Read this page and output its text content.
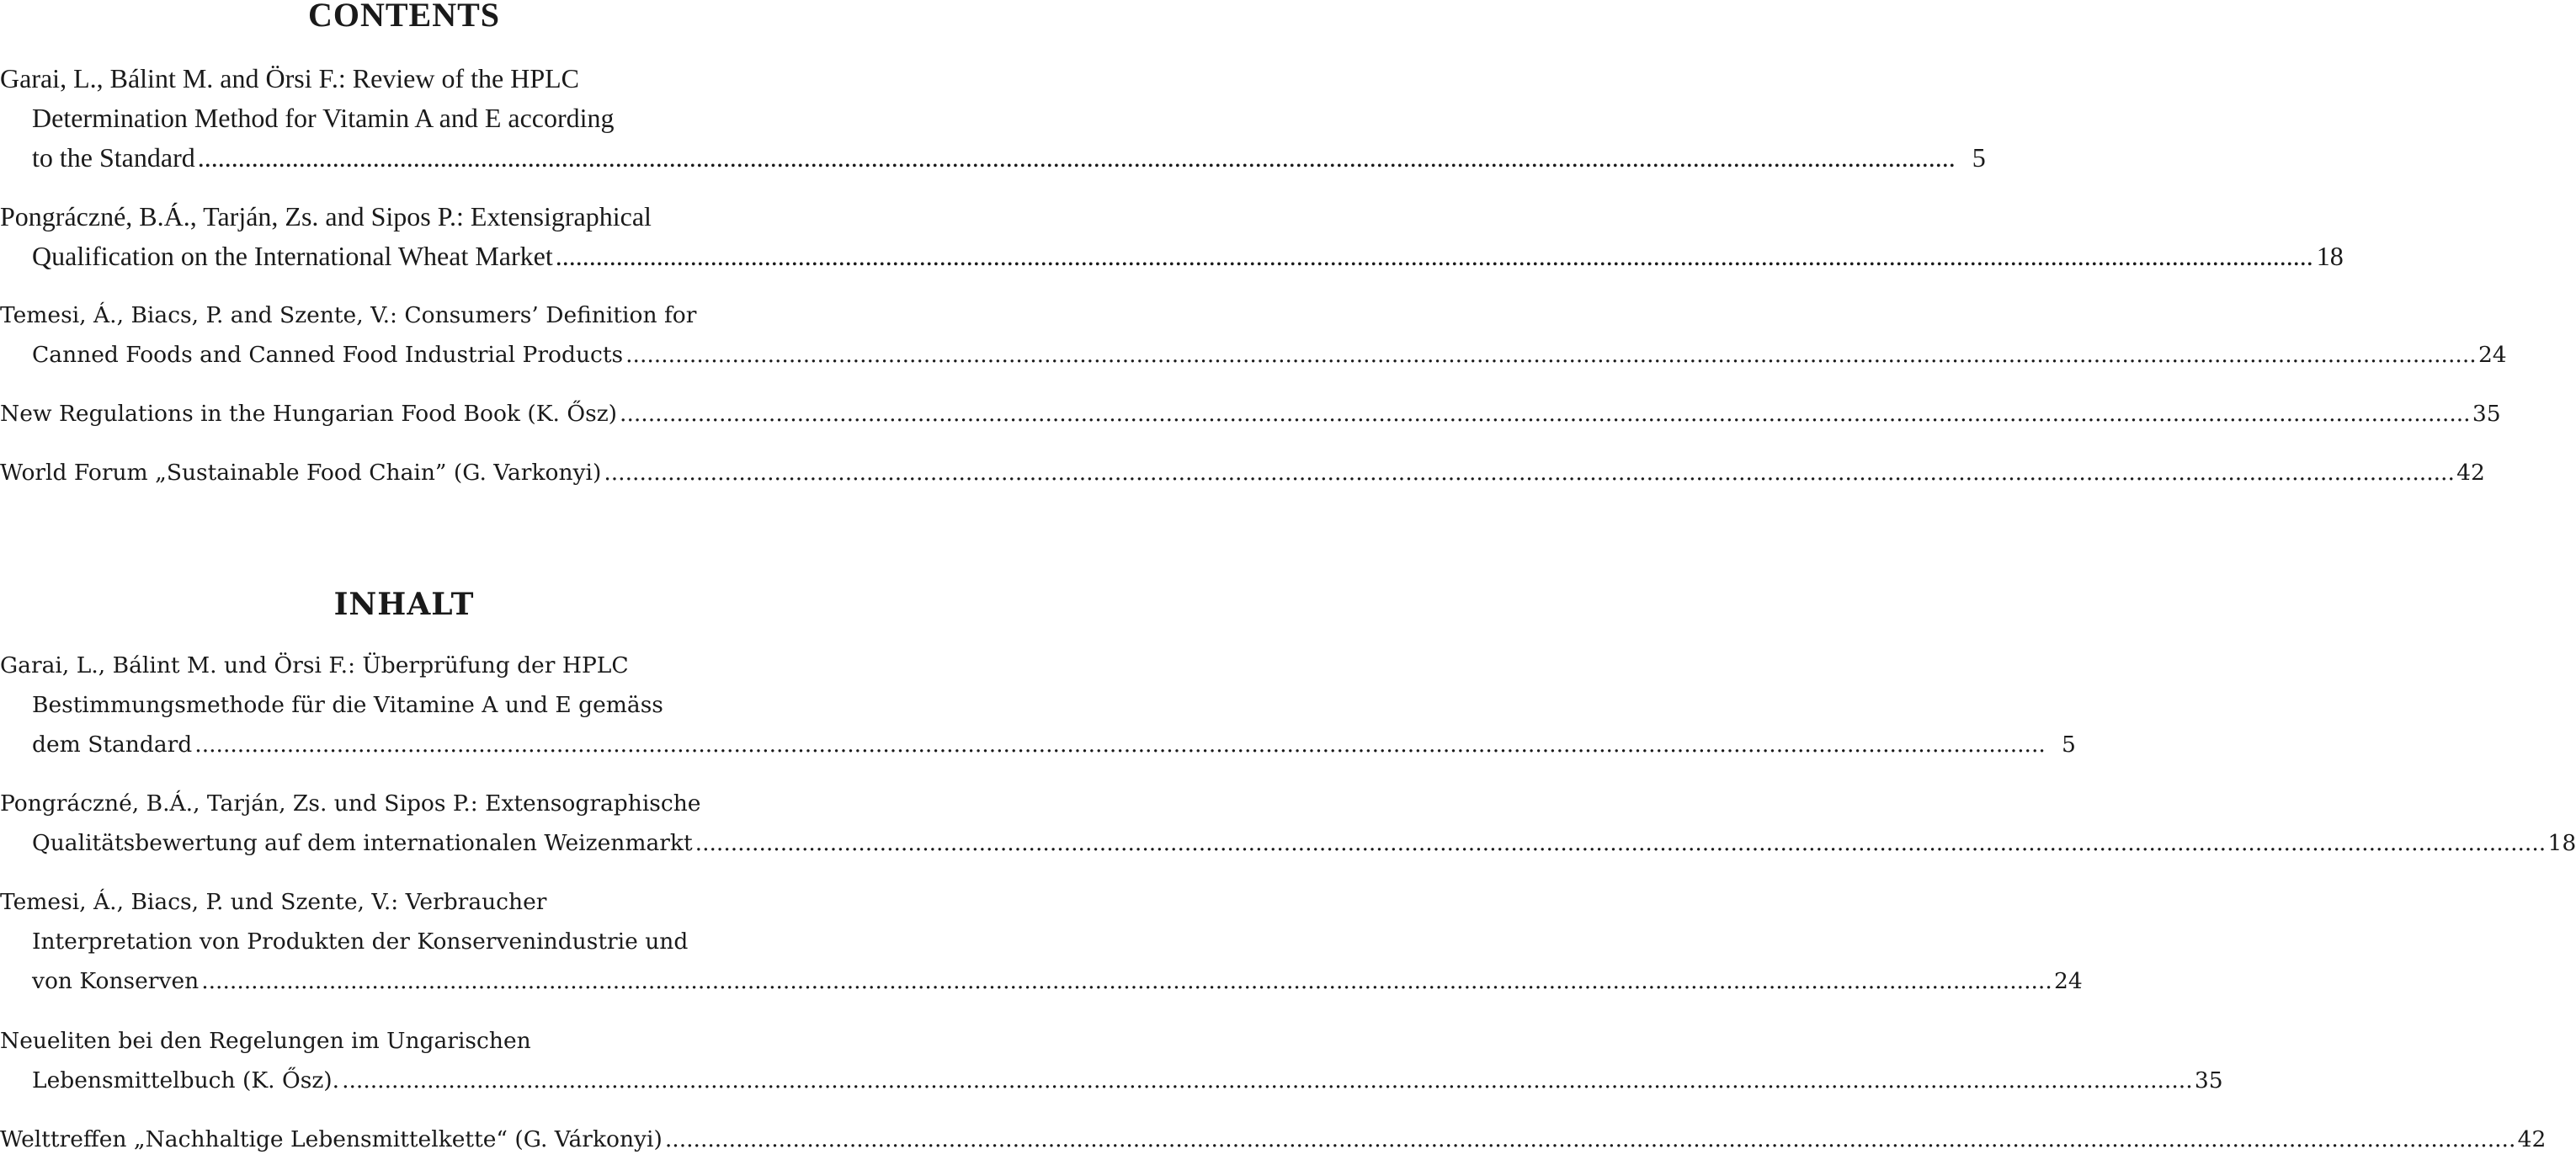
CONTENTS
Garai, L., Bálint M. and Örsi F.: Review of the HPLC
Determination Method for Vitamin A and E according
to the Standard .....	5
Pongráczné, B.Á., Tarján, Zs. and Sipos P.: Extensigraphical
Qualification on the International Wheat Market .....	18
Temesi, Á., Biacs, P. and Szente, V.: Consumers’ Definition for
Canned Foods and Canned Food Industrial Products .....	24
New Regulations in the Hungarian Food Book (K. Ősz) .....	35
World Forum „Sustainable Food Chain” (G. Varkonyi) .....	42
INHALT
Garai, L., Bálint M. und Örsi F.: Überprüfung der HPLC
Bestimmungsmethode für die Vitamine A und E gemäss
dem Standard .....	5
Pongráczné, B.Á., Tarján, Zs. und Sipos P.: Extensographische
Qualitätsbewertung auf dem internationalen Weizenmarkt .....	18
Temesi, Á., Biacs, P. und Szente, V.: Verbraucher
Interpretation von Produkten der Konservenindustrie und
von Konserven .....	24
Neueliten bei den Regelungen im Ungarischen
Lebensmittelbuch (K. Ősz). .....	35
Welttreffen „Nachhaltige Lebensmittelkette“ (G. Várkonyi) .....	42
